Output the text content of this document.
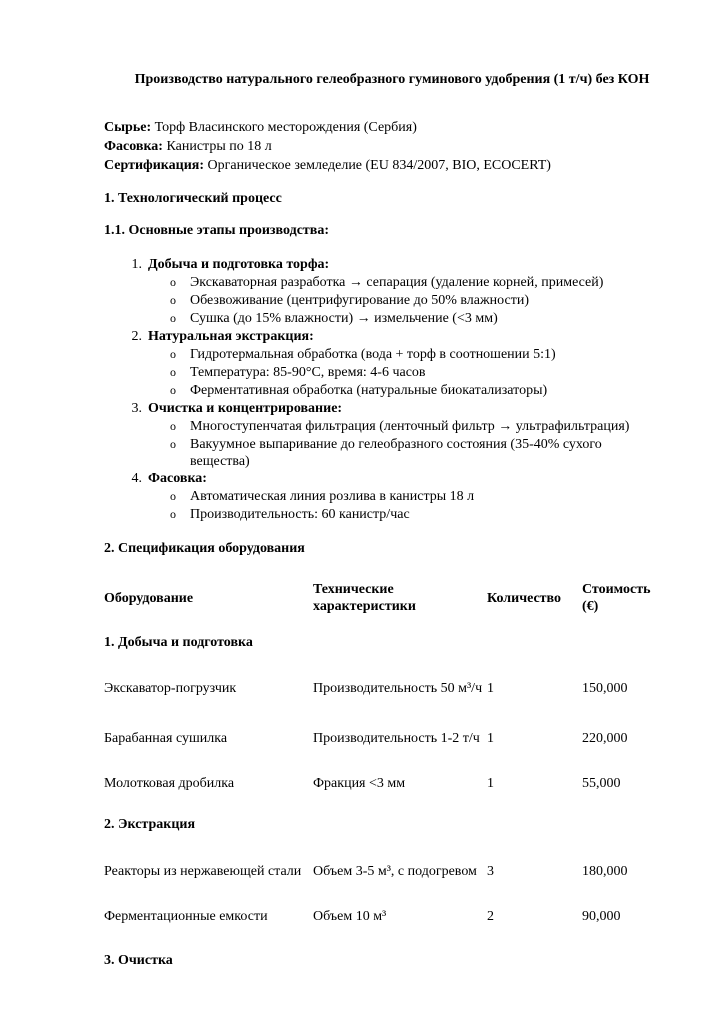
Производство натурального гелеобразного гуминового удобрения (1 т/ч) без КОН
Сырье: Торф Власинского месторождения (Сербия)
Фасовка: Канистры по 18 л
Сертификация: Органическое земледелие (EU 834/2007, BIO, ECOCERT)
1. Технологический процесс
1.1. Основные этапы производства:
1. Добыча и подготовка торфа:
o Экскаваторная разработка → сепарация (удаление корней, примесей)
o Обезвоживание (центрифугирование до 50% влажности)
o Сушка (до 15% влажности) → измельчение (<3 мм)
2. Натуральная экстракция:
o Гидротермальная обработка (вода + торф в соотношении 5:1)
o Температура: 85-90°C, время: 4-6 часов
o Ферментативная обработка (натуральные биокатализаторы)
3. Очистка и концентрирование:
o Многоступенчатая фильтрация (ленточный фильтр → ультрафильтрация)
o Вакуумное выпаривание до гелеобразного состояния (35-40% сухого вещества)
4. Фасовка:
o Автоматическая линия розлива в канистры 18 л
o Производительность: 60 канистр/час
2. Спецификация оборудования
Оборудование	Технические характеристики	Количество	Стоимость (€)
1. Добыча и подготовка			
Экскаватор-погрузчик	Производительность 50 м³/ч	1	150,000
Барабанная сушилка	Производительность 1-2 т/ч	1	220,000
Молотковая дробилка	Фракция <3 мм	1	55,000
2. Экстракция			
Реакторы из нержавеющей стали	Объем 3-5 м³, с подогревом	3	180,000
Ферментационные емкости	Объем 10 м³	2	90,000
3. Очистка			
